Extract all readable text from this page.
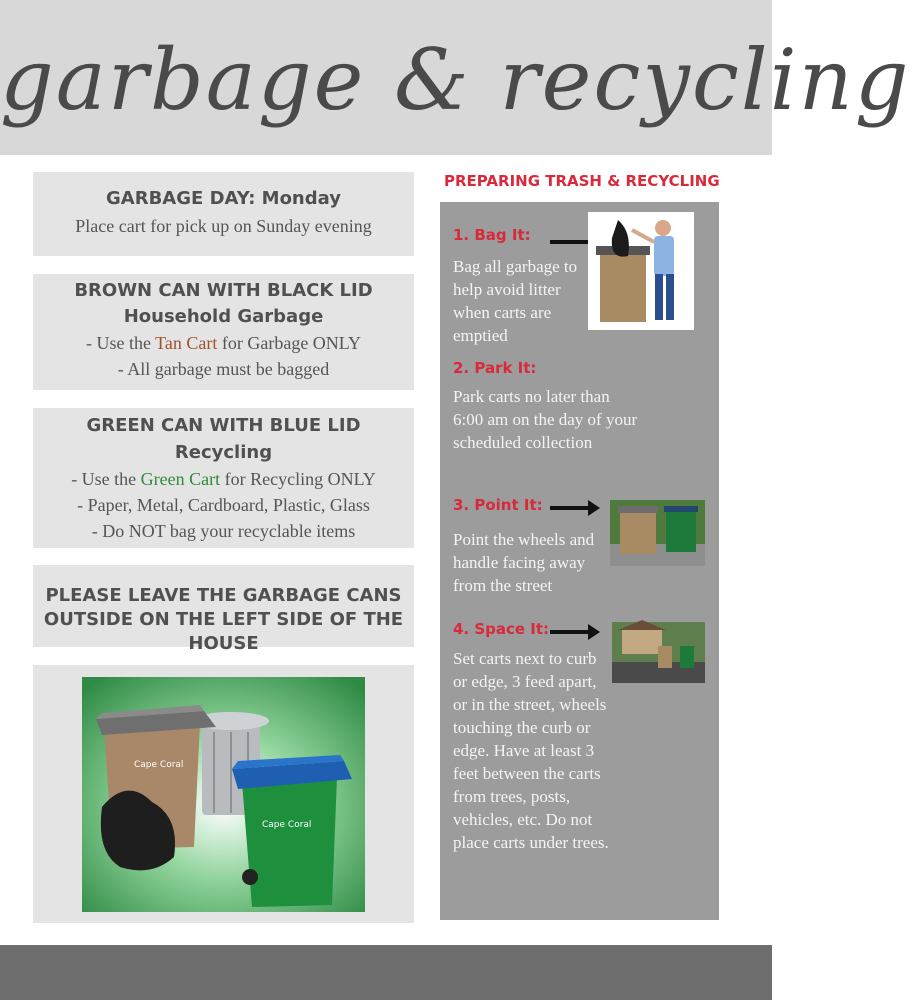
garbage & recycling
GARBAGE DAY: Monday
Place cart for pick up on Sunday evening
BROWN CAN WITH BLACK LID
Household Garbage
- Use the Tan Cart for Garbage ONLY
- All garbage must be bagged
GREEN CAN WITH BLUE LID
Recycling
- Use the Green Cart for Recycling ONLY
- Paper, Metal, Cardboard, Plastic, Glass
- Do NOT bag your recyclable items
PLEASE LEAVE THE GARBAGE CANS
OUTSIDE ON THE LEFT SIDE OF THE HOUSE
Cape Coral
Cape Coral
PREPARING TRASH & RECYCLING
1. Bag It:
Bag all garbage to help avoid litter when carts are emptied
2. Park It:
Park carts no later than 6:00 am on the day of your scheduled collection
3. Point It:
Point the wheels and handle facing away from the street
4. Space It:
Set carts next to curb or edge, 3 feed apart, or in the street, wheels touching the curb or edge. Have at least 3 feet between the carts from trees, posts, vehicles, etc. Do not place carts under trees.
